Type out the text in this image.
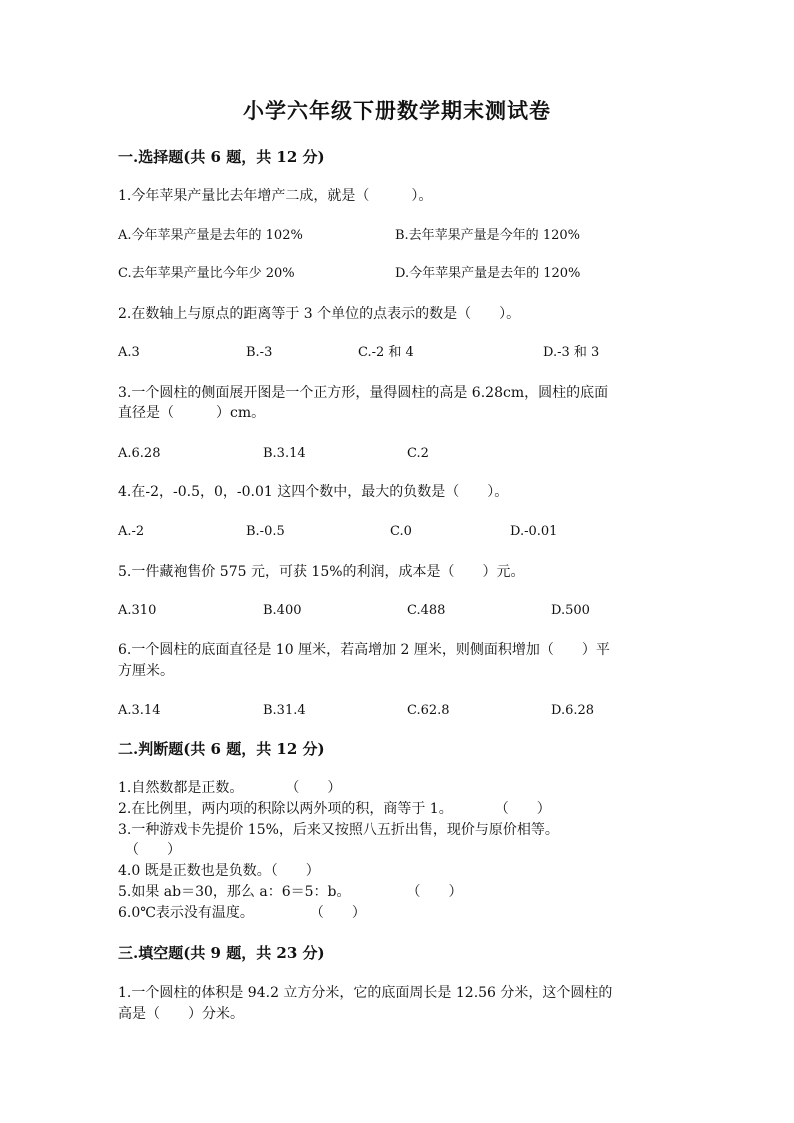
小学六年级下册数学期末测试卷
一.选择题(共 6 题，共 12 分)
1.今年苹果产量比去年增产二成，就是（　　　）。
A.今年苹果产量是去年的 102%	B.去年苹果产量是今年的 120%
C.去年苹果产量比今年少 20%	D.今年苹果产量是去年的 120%
2.在数轴上与原点的距离等于 3 个单位的点表示的数是（　　）。
A.3	B.-3	C.-2 和 4	D.-3 和 3
3.一个圆柱的侧面展开图是一个正方形，量得圆柱的高是 6.28cm，圆柱的底面
直径是（　　　）cm。
A.6.28	B.3.14	C.2
4.在-2，-0.5，0，-0.01 这四个数中，最大的负数是（　　）。
A.-2	B.-0.5	C.0	D.-0.01
5.一件藏袍售价 575 元，可获 15%的利润，成本是（　　）元。
A.310	B.400	C.488	D.500
6.一个圆柱的底面直径是 10 厘米，若高增加 2 厘米，则侧面积增加（　　）平
方厘米。
A.3.14	B.31.4	C.62.8	D.6.28
二.判断题(共 6 题，共 12 分)
1.自然数都是正数。　　　　（　　）
2.在比例里，两内项的积除以两外项的积，商等于 1。　　　　（　　）
3.一种游戏卡先提价 15%，后来又按照八五折出售，现价与原价相等。
　（　　）
4.0 既是正数也是负数。（　　）
5.如果 ab＝30，那么 a：6＝5：b。　　　　　（　　）
6.0℃表示没有温度。　　　　　（　　）
三.填空题(共 9 题，共 23 分)
1.一个圆柱的体积是 94.2 立方分米，它的底面周长是 12.56 分米，这个圆柱的
高是（　　）分米。
